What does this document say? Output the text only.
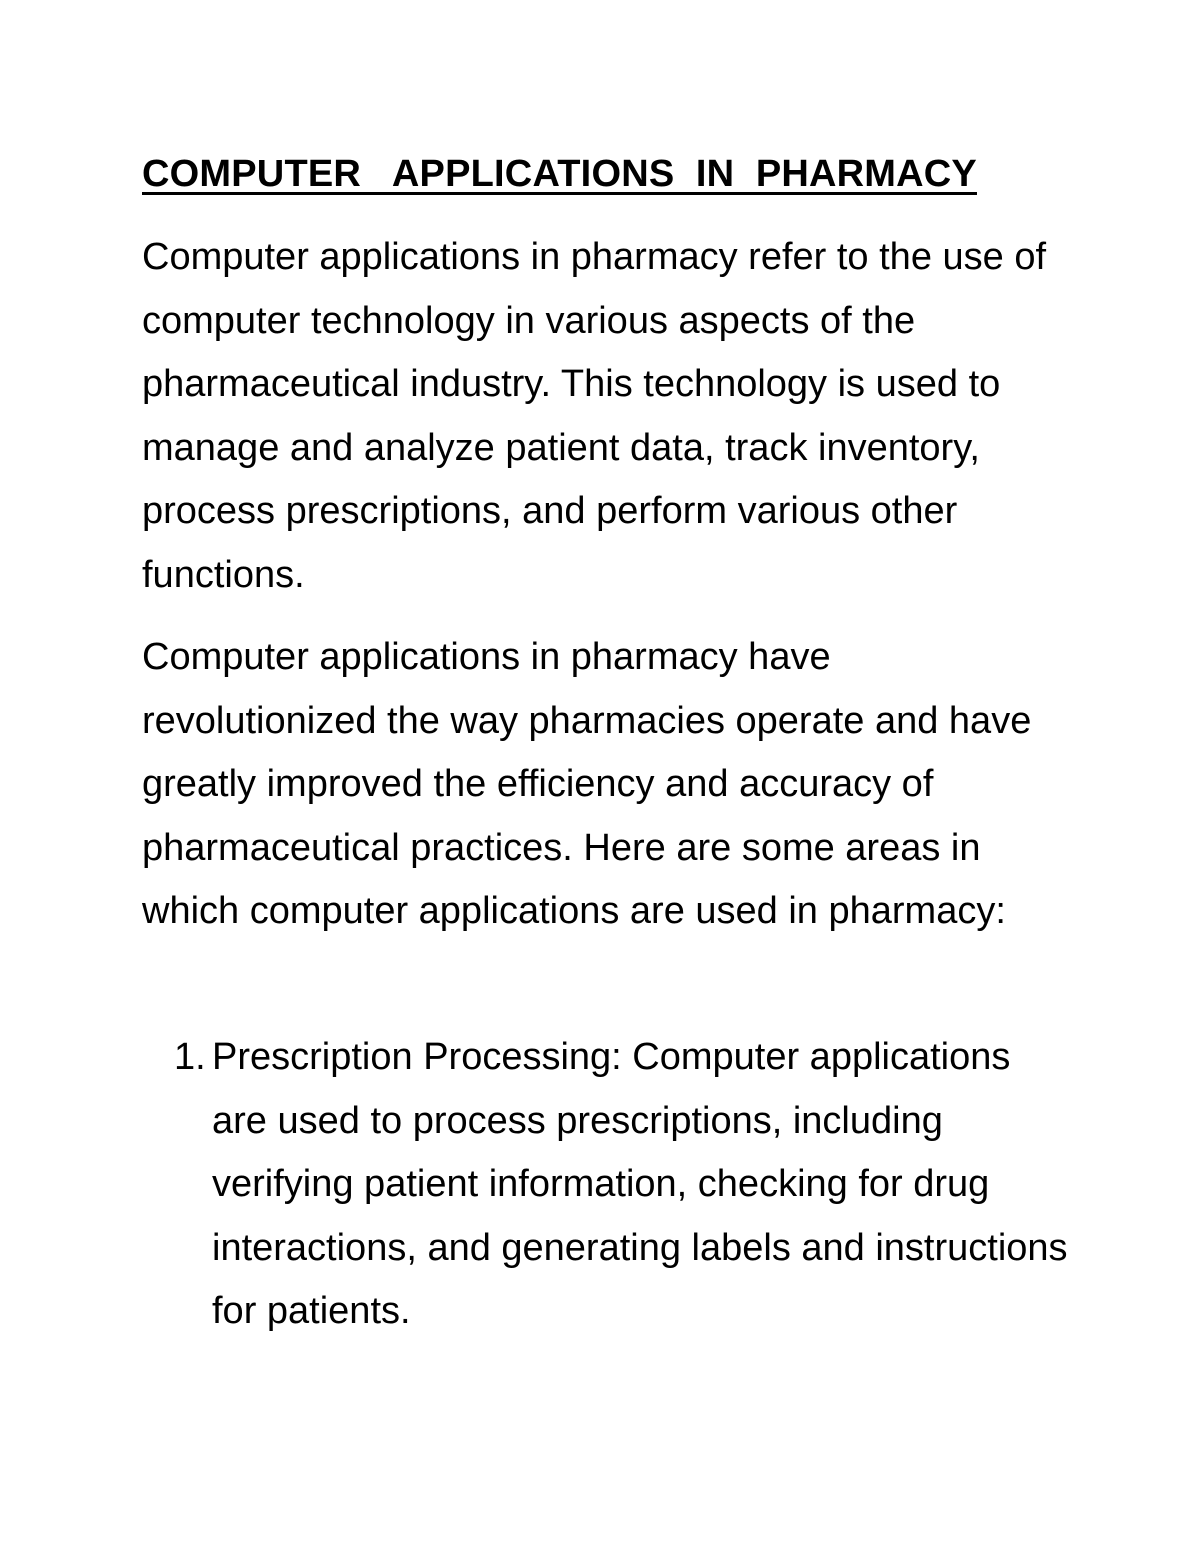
COMPUTER   APPLICATIONS  IN  PHARMACY

Computer applications in pharmacy refer to the use of computer technology in various aspects of the pharmaceutical industry. This technology is used to manage and analyze patient data, track inventory, process prescriptions, and perform various other functions.

Computer applications in pharmacy have revolutionized the way pharmacies operate and have greatly improved the efficiency and accuracy of pharmaceutical practices. Here are some areas in which computer applications are used in pharmacy:

1. Prescription Processing: Computer applications are used to process prescriptions, including verifying patient information, checking for drug interactions, and generating labels and instructions for patients.
